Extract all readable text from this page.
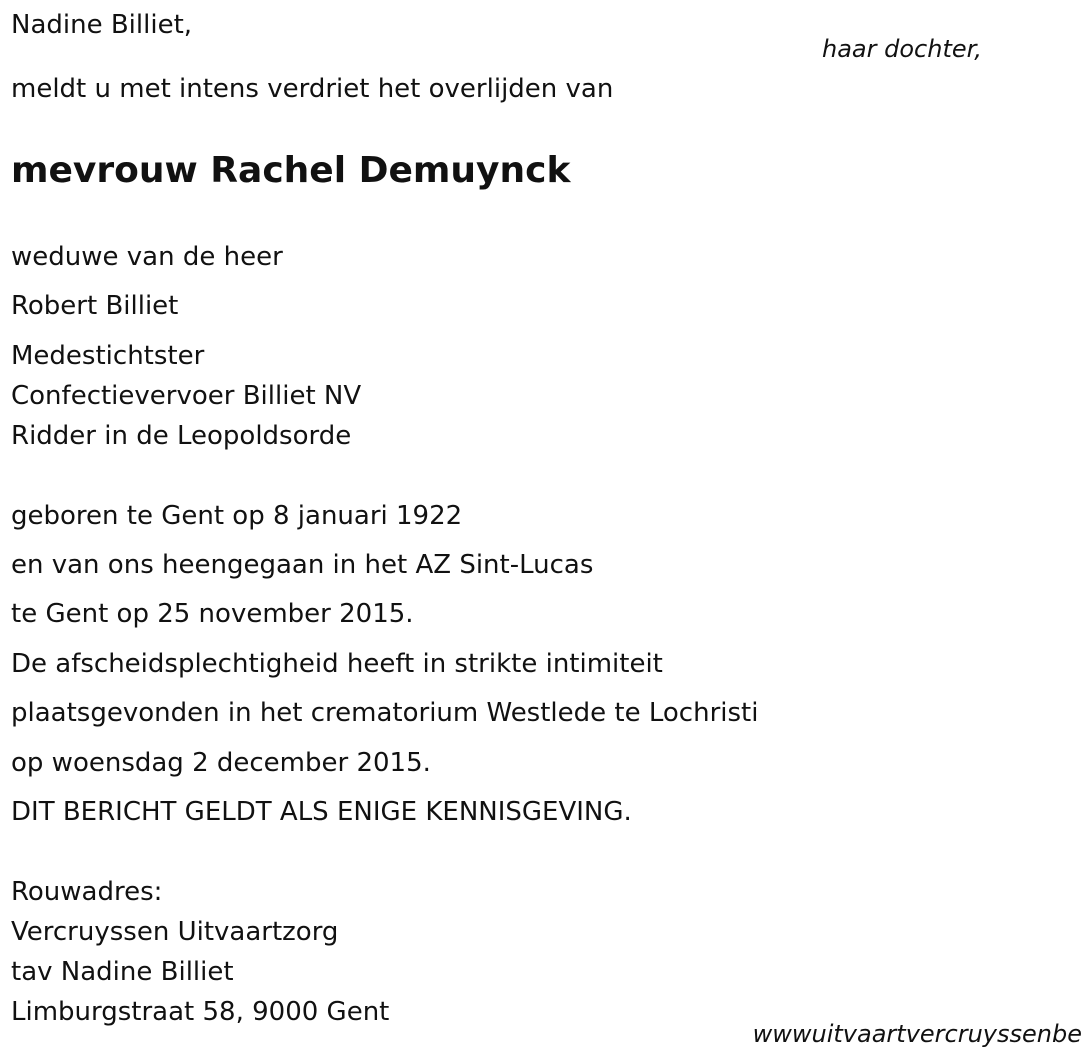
Nadine Billiet,
haar dochter,
meldt u met intens verdriet het overlijden van
mevrouw Rachel Demuynck
weduwe van de heer
Robert Billiet
Medestichtster
Confectievervoer Billiet NV
Ridder in de Leopoldsorde
geboren te Gent op 8 januari 1922
en van ons heengegaan in het AZ Sint-Lucas
te Gent op 25 november 2015.
De afscheidsplechtigheid heeft in strikte intimiteit
plaatsgevonden in het crematorium Westlede te Lochristi
op woensdag 2 december 2015.
DIT BERICHT GELDT ALS ENIGE KENNISGEVING.
Rouwadres:
Vercruyssen Uitvaartzorg
tav Nadine Billiet
Limburgstraat 58, 9000 Gent
wwwuitvaartvercruyssenbe
